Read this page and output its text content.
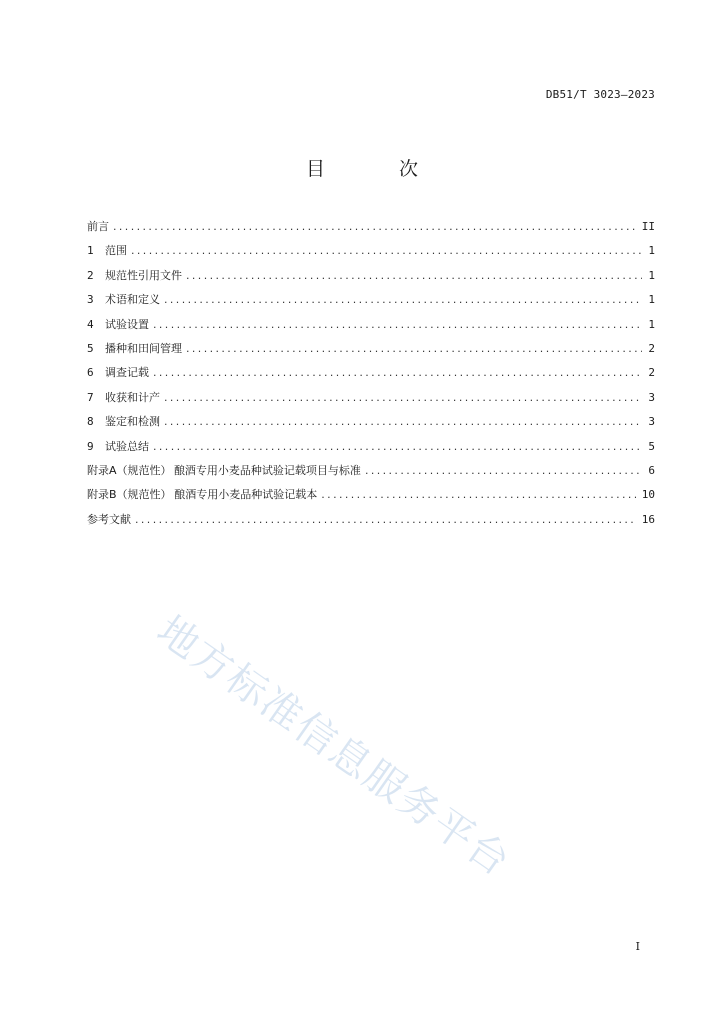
DB51/T 3023—2023
目 次
前言 .....	II
1	范围 .....	1
2	规范性引用文件 .....	1
3	术语和定义 .....	1
4	试验设置 .....	1
5	播种和田间管理 .....	2
6	调查记载 .....	2
7	收获和计产 .....	3
8	鉴定和检测 .....	3
9	试验总结 .....	5
附录A（规范性） 酿酒专用小麦品种试验记载项目与标准 .....	6
附录B（规范性） 酿酒专用小麦品种试验记载本 .....	10
参考文献 .....	16
地方标准信息服务平台
I
